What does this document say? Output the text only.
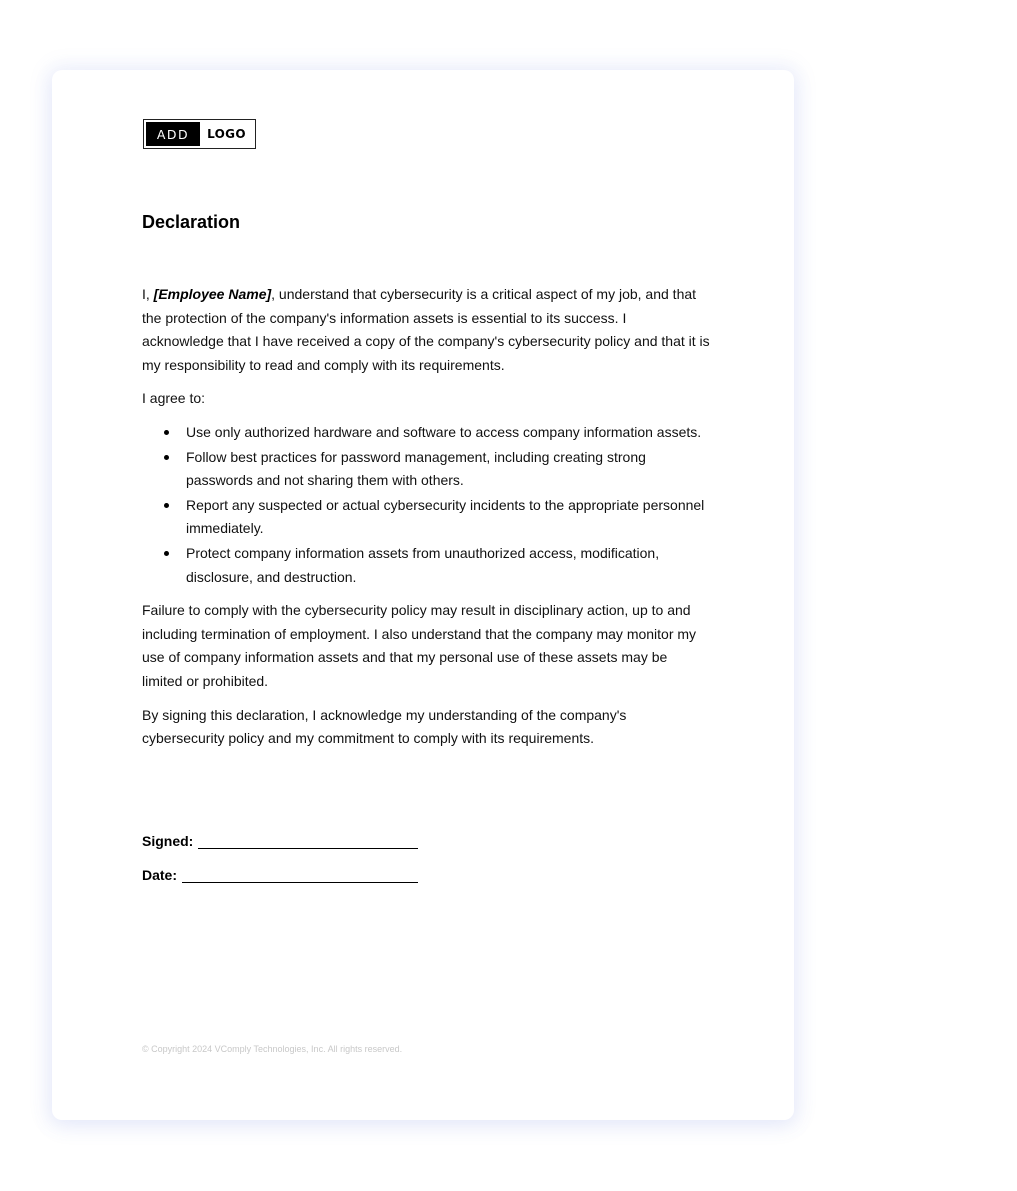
ADD	LOGO
Declaration

I, [Employee Name], understand that cybersecurity is a critical aspect of my job, and that the protection of the company's information assets is essential to its success. I acknowledge that I have received a copy of the company's cybersecurity policy and that it is my responsibility to read and comply with its requirements.

I agree to:

Use only authorized hardware and software to access company information assets.
Follow best practices for password management, including creating strong passwords and not sharing them with others.
Report any suspected or actual cybersecurity incidents to the appropriate personnel immediately.
Protect company information assets from unauthorized access, modification, disclosure, and destruction.

Failure to comply with the cybersecurity policy may result in disciplinary action, up to and including termination of employment. I also understand that the company may monitor my use of company information assets and that my personal use of these assets may be limited or prohibited.

By signing this declaration, I acknowledge my understanding of the company's cybersecurity policy and my commitment to comply with its requirements.

Signed:
Date:
© Copyright 2024 VComply Technologies, Inc. All rights reserved.
